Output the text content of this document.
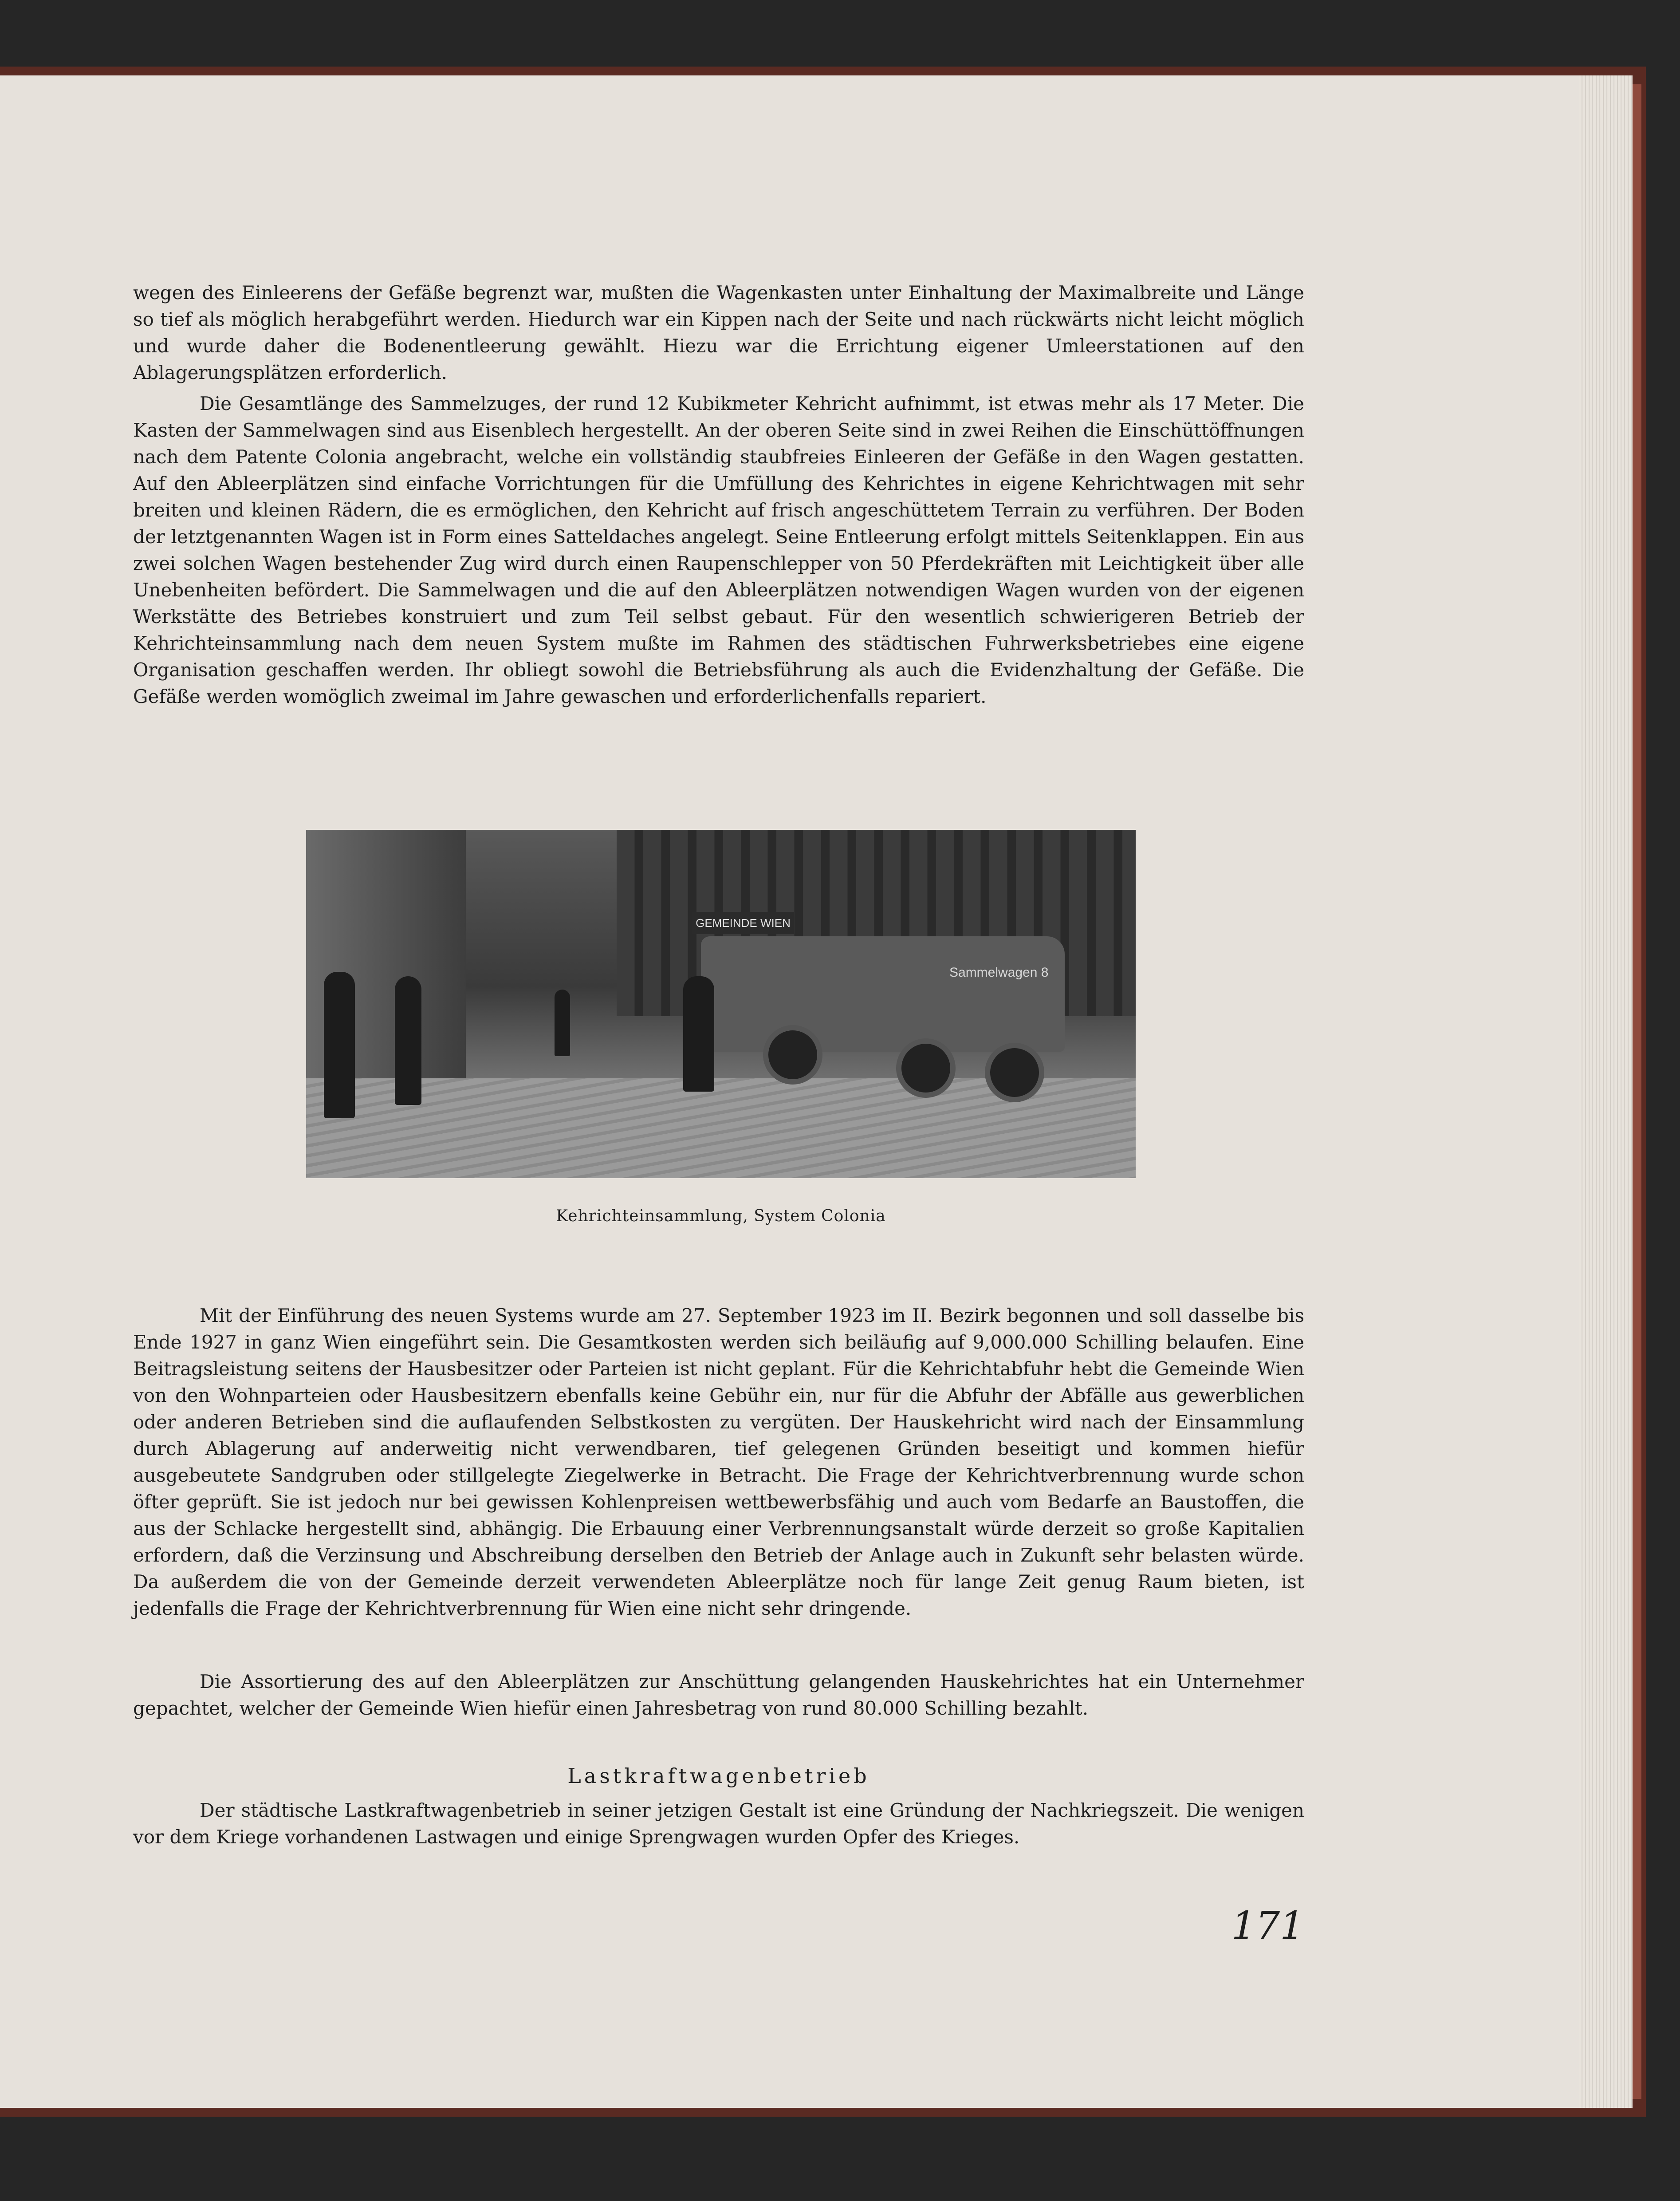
wegen des Einleerens der Gefäße begrenzt war, mußten die Wagenkasten unter Einhaltung der Maximalbreite und Länge so tief als möglich herabgeführt werden. Hiedurch war ein Kippen nach der Seite und nach rückwärts nicht leicht möglich und wurde daher die Bodenentleerung gewählt. Hiezu war die Errichtung eigener Umleerstationen auf den Ablagerungsplätzen erforderlich.

Die Gesamtlänge des Sammelzuges, der rund 12 Kubikmeter Kehricht aufnimmt, ist etwas mehr als 17 Meter. Die Kasten der Sammelwagen sind aus Eisenblech hergestellt. An der oberen Seite sind in zwei Reihen die Einschüttöffnungen nach dem Patente Colonia angebracht, welche ein vollständig staubfreies Einleeren der Gefäße in den Wagen gestatten. Auf den Ableerplätzen sind einfache Vorrichtungen für die Umfüllung des Kehrichtes in eigene Kehrichtwagen mit sehr breiten und kleinen Rädern, die es ermöglichen, den Kehricht auf frisch angeschüttetem Terrain zu verführen. Der Boden der letztgenannten Wagen ist in Form eines Satteldaches angelegt. Seine Entleerung erfolgt mittels Seitenklappen. Ein aus zwei solchen Wagen bestehender Zug wird durch einen Raupenschlepper von 50 Pferdekräften mit Leichtigkeit über alle Unebenheiten befördert. Die Sammelwagen und die auf den Ableerplätzen notwendigen Wagen wurden von der eigenen Werkstätte des Betriebes konstruiert und zum Teil selbst gebaut. Für den wesentlich schwierigeren Betrieb der Kehrichteinsammlung nach dem neuen System mußte im Rahmen des städtischen Fuhrwerksbetriebes eine eigene Organisation geschaffen werden. Ihr obliegt sowohl die Betriebsführung als auch die Evidenzhaltung der Gefäße. Die Gefäße werden womöglich zweimal im Jahre gewaschen und erforderlichenfalls repariert.

GEMEINDE WIEN
Sammelwagen 8
Kehrichteinsammlung, System Colonia

Mit der Einführung des neuen Systems wurde am 27. September 1923 im II. Bezirk begonnen und soll dasselbe bis Ende 1927 in ganz Wien eingeführt sein. Die Gesamtkosten werden sich beiläufig auf 9,000.000 Schilling belaufen. Eine Beitragsleistung seitens der Hausbesitzer oder Parteien ist nicht geplant. Für die Kehrichtabfuhr hebt die Gemeinde Wien von den Wohnparteien oder Hausbesitzern ebenfalls keine Gebühr ein, nur für die Abfuhr der Abfälle aus gewerblichen oder anderen Betrieben sind die auflaufenden Selbstkosten zu vergüten. Der Hauskehricht wird nach der Einsammlung durch Ablagerung auf anderweitig nicht verwendbaren, tief gelegenen Gründen beseitigt und kommen hiefür ausgebeutete Sandgruben oder stillgelegte Ziegelwerke in Betracht. Die Frage der Kehrichtverbrennung wurde schon öfter geprüft. Sie ist jedoch nur bei gewissen Kohlenpreisen wettbewerbsfähig und auch vom Bedarfe an Baustoffen, die aus der Schlacke hergestellt sind, abhängig. Die Erbauung einer Verbrennungsanstalt würde derzeit so große Kapitalien erfordern, daß die Verzinsung und Abschreibung derselben den Betrieb der Anlage auch in Zukunft sehr belasten würde. Da außerdem die von der Gemeinde derzeit verwendeten Ableerplätze noch für lange Zeit genug Raum bieten, ist jedenfalls die Frage der Kehrichtverbrennung für Wien eine nicht sehr dringende.

Die Assortierung des auf den Ableerplätzen zur Anschüttung gelangenden Hauskehrichtes hat ein Unternehmer gepachtet, welcher der Gemeinde Wien hiefür einen Jahresbetrag von rund 80.000 Schilling bezahlt.

Lastkraftwagenbetrieb

Der städtische Lastkraftwagenbetrieb in seiner jetzigen Gestalt ist eine Gründung der Nachkriegszeit. Die wenigen vor dem Kriege vorhandenen Lastwagen und einige Sprengwagen wurden Opfer des Krieges.

171
